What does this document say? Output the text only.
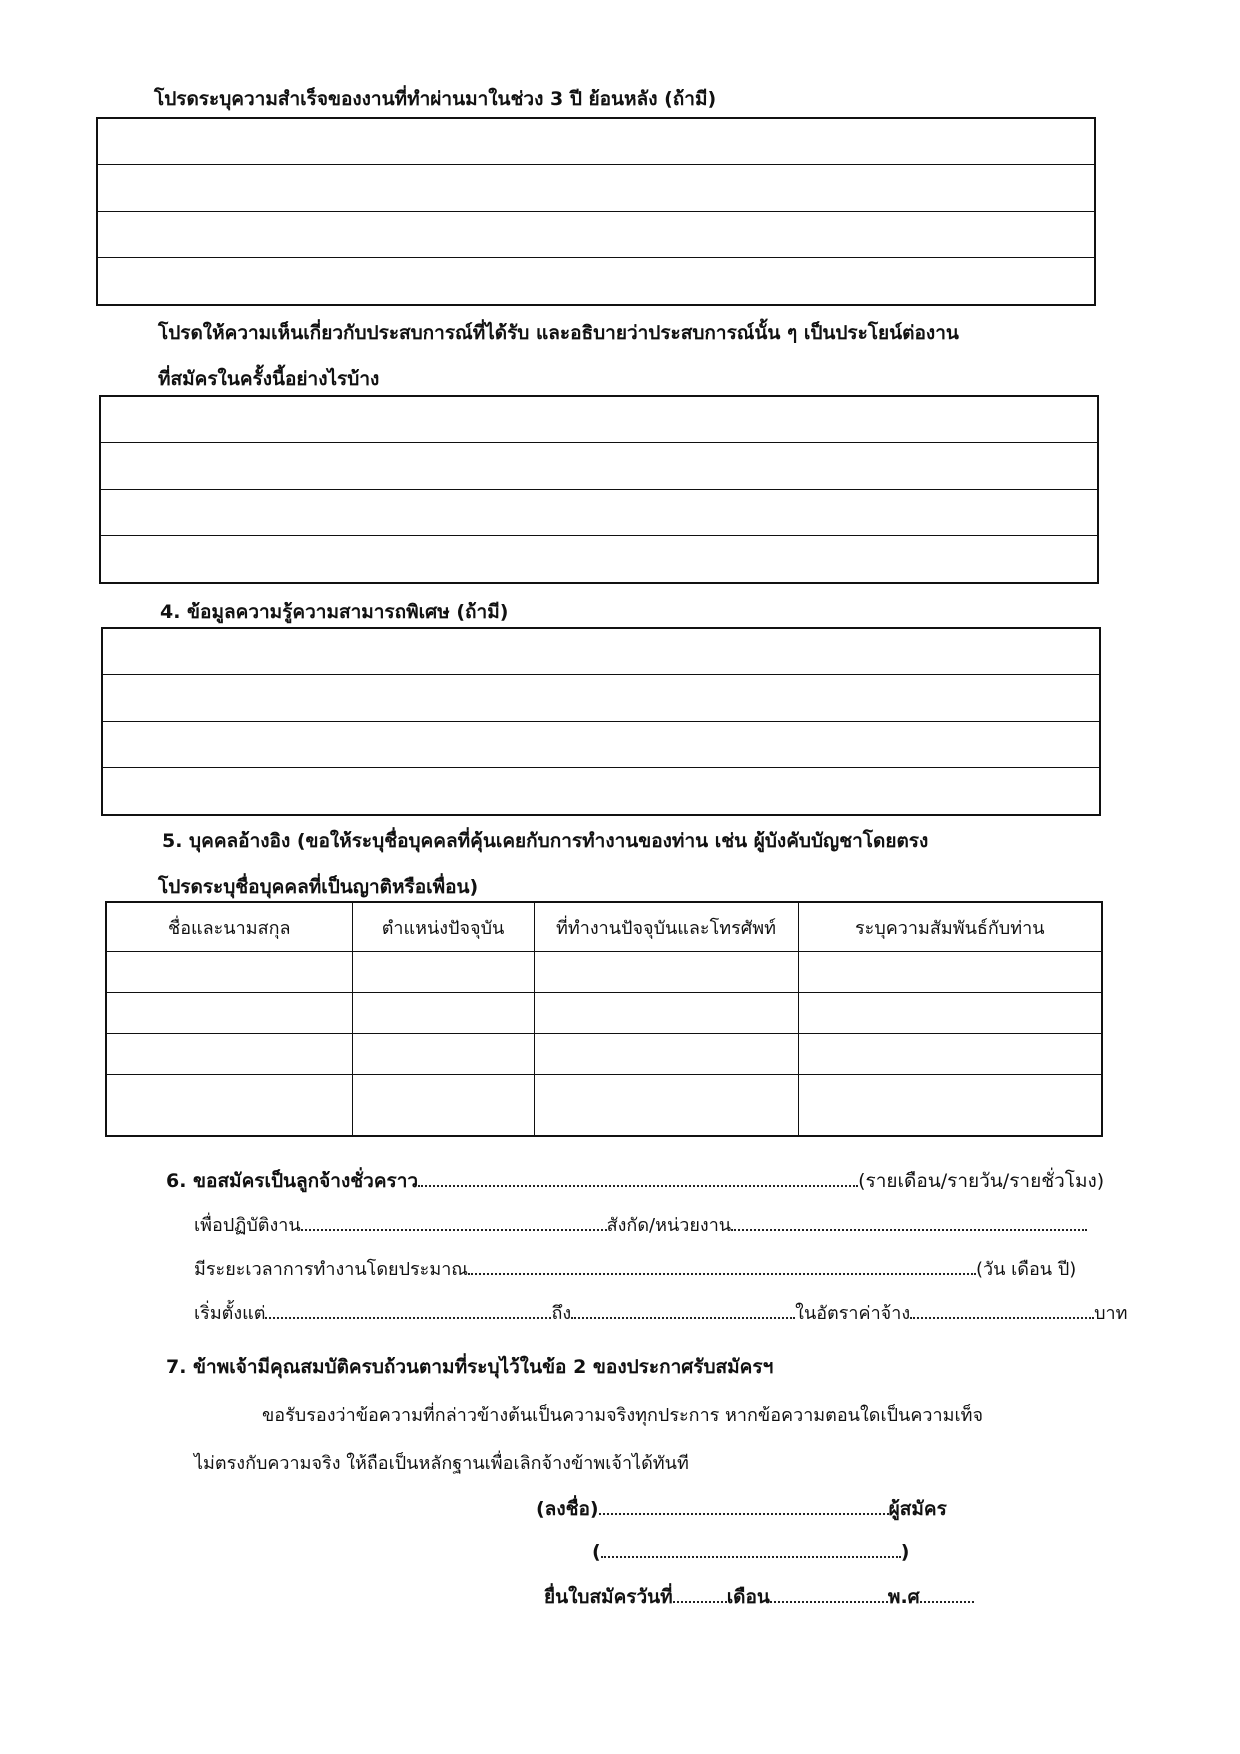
โปรดระบุความสำเร็จของงานที่ทำผ่านมาในช่วง 3 ปี ย้อนหลัง (ถ้ามี)
โปรดให้ความเห็นเกี่ยวกับประสบการณ์ที่ได้รับ และอธิบายว่าประสบการณ์นั้น ๆ เป็นประโยน์ต่องาน
ที่สมัครในครั้งนี้อย่างไรบ้าง
4. ข้อมูลความรู้ความสามารถพิเศษ (ถ้ามี)
5. บุคคลอ้างอิง (ขอให้ระบุชื่อบุคคลที่คุ้นเคยกับการทำงานของท่าน เช่น ผู้บังคับบัญชาโดยตรง
โปรดระบุชื่อบุคคลที่เป็นญาติหรือเพื่อน)
ชื่อและนามสกุล	ตำแหน่งปัจจุบัน	ที่ทำงานปัจจุบันและโทรศัพท์	ระบุความสัมพันธ์กับท่าน

6. ขอสมัครเป็นลูกจ้างชั่วคราว	(รายเดือน/รายวัน/รายชั่วโมง)
เพื่อปฏิบัติงาน	สังกัด/หน่วยงาน
มีระยะเวลาการทำงานโดยประมาณ	(วัน เดือน ปี)
เริ่มตั้งแต่	ถึง	ในอัตราค่าจ้าง	บาท
7. ข้าพเจ้ามีคุณสมบัติครบถ้วนตามที่ระบุไว้ในข้อ 2 ของประกาศรับสมัครฯ
ขอรับรองว่าข้อความที่กล่าวข้างต้นเป็นความจริงทุกประการ หากข้อความตอนใดเป็นความเท็จ
ไม่ตรงกับความจริง ให้ถือเป็นหลักฐานเพื่อเลิกจ้างข้าพเจ้าได้ทันที
(ลงชื่อ)	ผู้สมัคร
(	)
ยื่นใบสมัครวันที่	เดือน	พ.ศ
